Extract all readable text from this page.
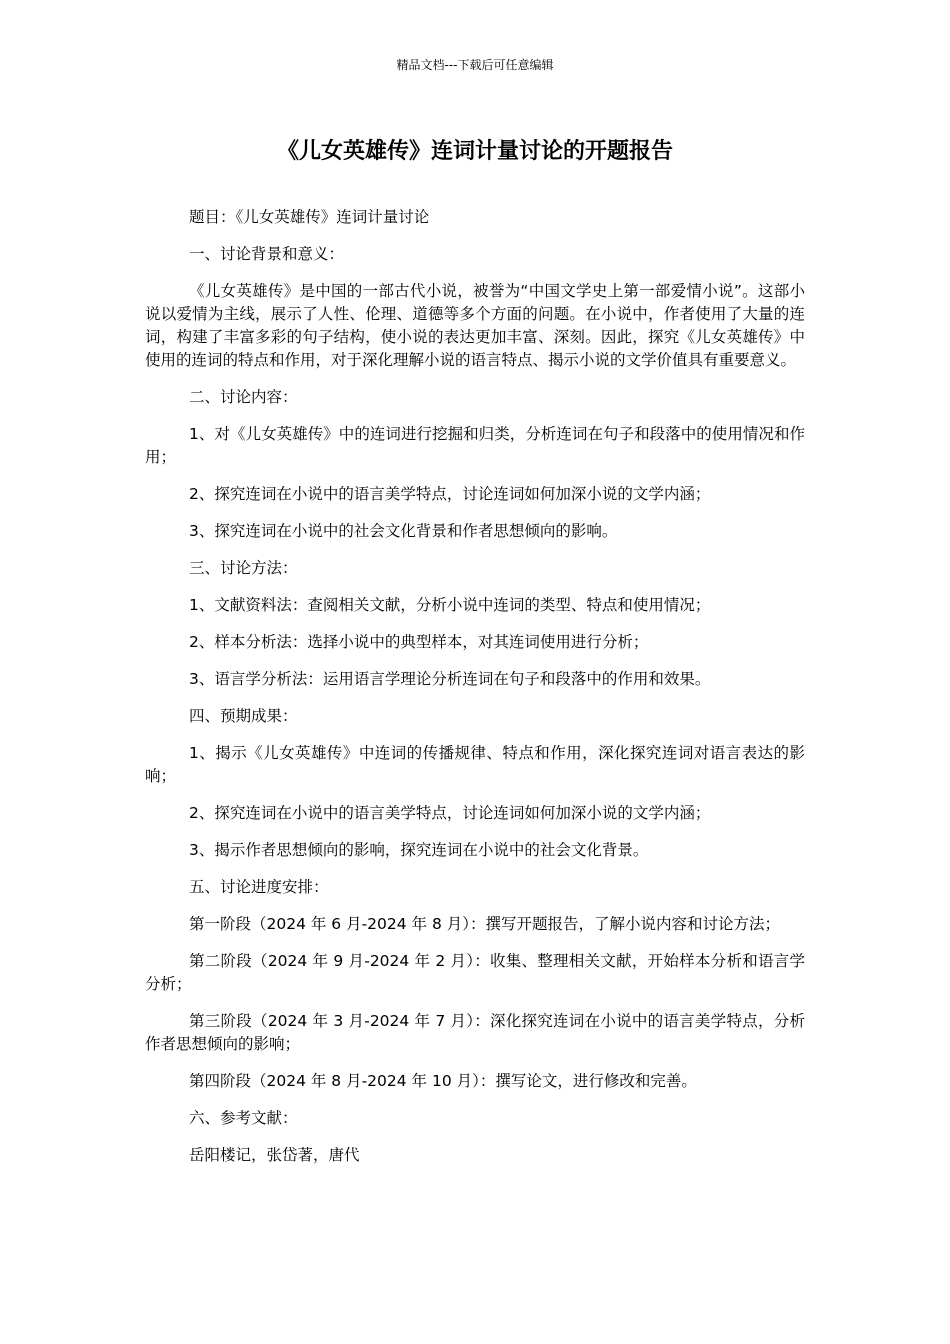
精品文档---下载后可任意编辑
《儿女英雄传》连词计量讨论的开题报告

题目：《儿女英雄传》连词计量讨论

一、讨论背景和意义：

《儿女英雄传》是中国的一部古代小说，被誉为“中国文学史上第一部爱情小说”。这部小说以爱情为主线，展示了人性、伦理、道德等多个方面的问题。在小说中，作者使用了大量的连词，构建了丰富多彩的句子结构，使小说的表达更加丰富、深刻。因此，探究《儿女英雄传》中使用的连词的特点和作用，对于深化理解小说的语言特点、揭示小说的文学价值具有重要意义。

二、讨论内容：

1、对《儿女英雄传》中的连词进行挖掘和归类，分析连词在句子和段落中的使用情况和作用；

2、探究连词在小说中的语言美学特点，讨论连词如何加深小说的文学内涵；

3、探究连词在小说中的社会文化背景和作者思想倾向的影响。

三、讨论方法：

1、文献资料法：查阅相关文献，分析小说中连词的类型、特点和使用情况；

2、样本分析法：选择小说中的典型样本，对其连词使用进行分析；

3、语言学分析法：运用语言学理论分析连词在句子和段落中的作用和效果。

四、预期成果：

1、揭示《儿女英雄传》中连词的传播规律、特点和作用，深化探究连词对语言表达的影响；

2、探究连词在小说中的语言美学特点，讨论连词如何加深小说的文学内涵；

3、揭示作者思想倾向的影响，探究连词在小说中的社会文化背景。

五、讨论进度安排：

第一阶段（2024 年 6 月-2024 年 8 月）：撰写开题报告，了解小说内容和讨论方法；

第二阶段（2024 年 9 月-2024 年 2 月）：收集、整理相关文献，开始样本分析和语言学分析；

第三阶段（2024 年 3 月-2024 年 7 月）：深化探究连词在小说中的语言美学特点，分析作者思想倾向的影响；

第四阶段（2024 年 8 月-2024 年 10 月）：撰写论文，进行修改和完善。

六、参考文献：

岳阳楼记，张岱著，唐代
